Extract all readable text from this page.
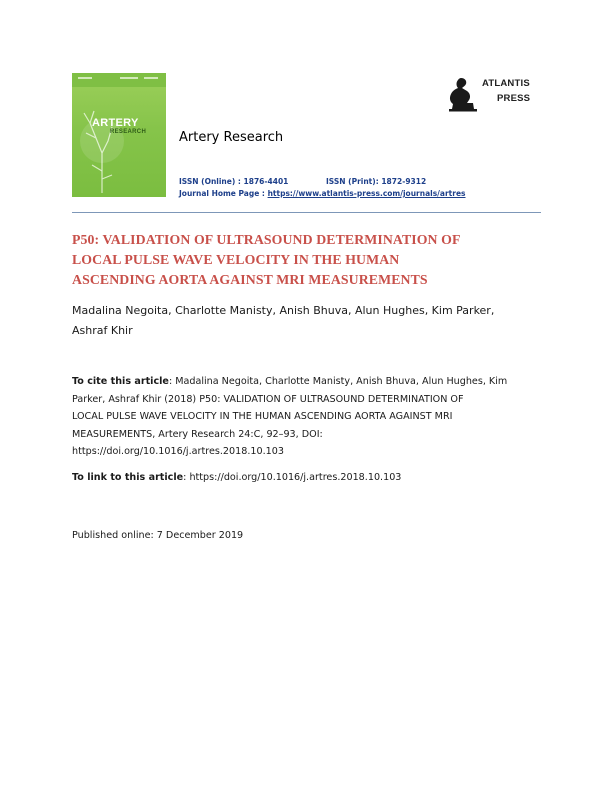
ARTERY
RESEARCH
ATLANTIS
PRESS
Artery Research
ISSN (Online) : 1876-4401	ISSN (Print): 1872-9312
Journal Home Page : https://www.atlantis-press.com/journals/artres
P50: VALIDATION OF ULTRASOUND DETERMINATION OF
LOCAL PULSE WAVE VELOCITY IN THE HUMAN
ASCENDING AORTA AGAINST MRI MEASUREMENTS
Madalina Negoita, Charlotte Manisty, Anish Bhuva, Alun Hughes, Kim Parker,
Ashraf Khir
To cite this article: Madalina Negoita, Charlotte Manisty, Anish Bhuva, Alun Hughes, Kim
Parker, Ashraf Khir (2018) P50: VALIDATION OF ULTRASOUND DETERMINATION OF
LOCAL PULSE WAVE VELOCITY IN THE HUMAN ASCENDING AORTA AGAINST MRI
MEASUREMENTS, Artery Research 24:C, 92–93, DOI:
https://doi.org/10.1016/j.artres.2018.10.103
To link to this article: https://doi.org/10.1016/j.artres.2018.10.103
Published online: 7 December 2019
